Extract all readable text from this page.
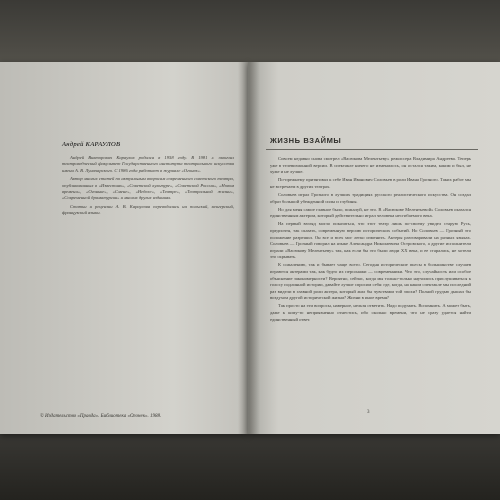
Андрей КАРАУЛОВ

Андрей Викторович Караулов родился в 1958 году. В 1981 г. окончил театроведческий факультет Государственного института театрального искусства имени А. В. Луначарского. С 1986 года работает в журнале «Огонек».

Автор многих статей по актуальным вопросам современного советского театра, опубликованных в «Известиях», «Советской культуре», «Советской России», «Новом времени», «Огоньке», «Смене», «Неделе», «Театре», «Театральной жизни», «Современной драматургии» и многих других изданиях.

Статьи и рецензии А. В. Караулова переводились на польский, венгерский, французский языки.

© Издательство «Правда». Библиотека «Огонек». 1988.
ЖИЗНЬ ВЗАЙМЫ

Совсем недавно снова смотрел «Васюкова Мелентьеву» режиссера Владимира Андреева. Теперь уже в телевизионной версии. В спектакле ничего не изменилось, он остался таким, каким и был, не хуже и не лучше.

По-прежнему притягивал к себе Иван Иванович Соловьев в роли Ивана Грозного. Таких работ мы не встречаем в других театрах.

Соловьев играл Грозного в лучших традициях русского реалистического искусства. Он создал образ большой убежденной силы и глубины.

Но для меня самое главное было, пожалуй, не это. В «Васюкове Мелентьевой» Соловьев оказался единственным актером, который действительно играл человека несгибаемого века.

На первый взгляд могло показаться, что этот театр лишь по-своему увидел старую Русь, предпочтя, так сказать, современную версию исторических событий. Но Соловьев — Грозный это положение разрешил. Он все и всех мог легко изменить. Актеры разговаривали на разных языках. Соловьев — Грозный говорил на языке Александра Николаевича Островского, а другие исполнители играли «Васюкову Мелентьеву» так, как если бы это были люди XX века, и ее старались, не хотели это скрывать.

К сожалению, так и бывает чаще всего. Сегодня исторические пьесы в большинстве случаев играются актерами так, как будто их персонажи — современники. Что это, случайность или особое объяснение закономерности? Вероятно, сейчас, когда мы только-только научились прислушиваться к голосу подлинной истории, давайте лучше спросим себя: где, когда, на каком спектакле мы последний раз видели в главной роли актера, который жил бы чувствами той эпохи? Полной грудью дышал бы воздухом другой исторической жизни? Жизни в иное время?

Так просто на эти вопросы, наверное, нельзя ответить. Надо подумать. Вспомнить. А может быть, даже к кому-то неприязненно отнестись, ибо сколько времени, что не сразу удается найти единственный ответ.

3
